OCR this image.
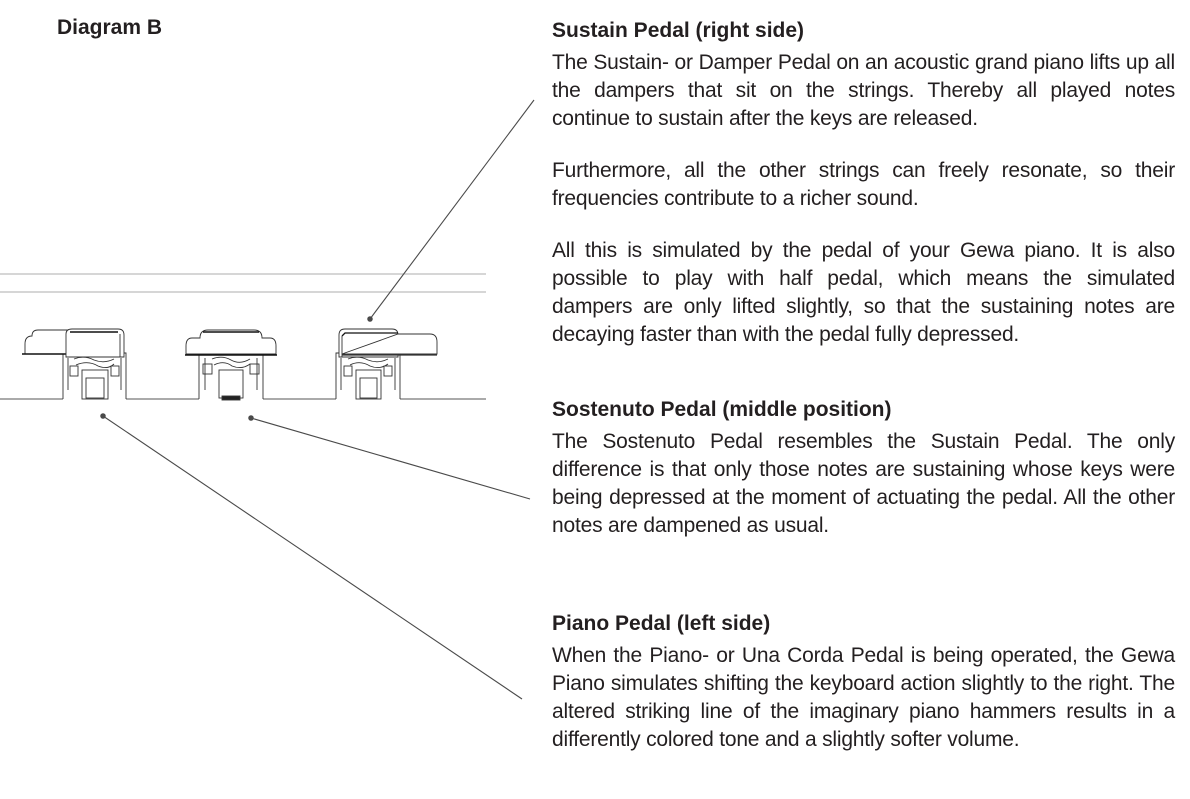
Diagram B	Sustain Pedal (right side)

The Sustain- or Damper Pedal on an acoustic grand piano lifts up all the dampers that sit on the strings. Thereby all played notes continue to sustain after the keys are released.

Furthermore, all the other strings can freely resonate, so their frequencies contribute to a richer sound.

All this is simulated by the pedal of your Gewa piano. It is also possible to play with half pedal, which means the simulated dampers are only lifted slightly, so that the sustaining notes are decaying faster than with the pedal fully depressed.

Sostenuto Pedal (middle position)

The Sostenuto Pedal resembles the Sustain Pedal. The only difference is that only those notes are sustaining whose keys were being depressed at the moment of actuating the pedal. All the other notes are dampened as usual.

Piano Pedal (left side)

When the Piano- or Una Corda Pedal is being operated, the Gewa Piano simulates shifting the keyboard action slightly to the right. The altered striking line of the imaginary piano hammers results in a differently colored tone and a slightly softer volume.
